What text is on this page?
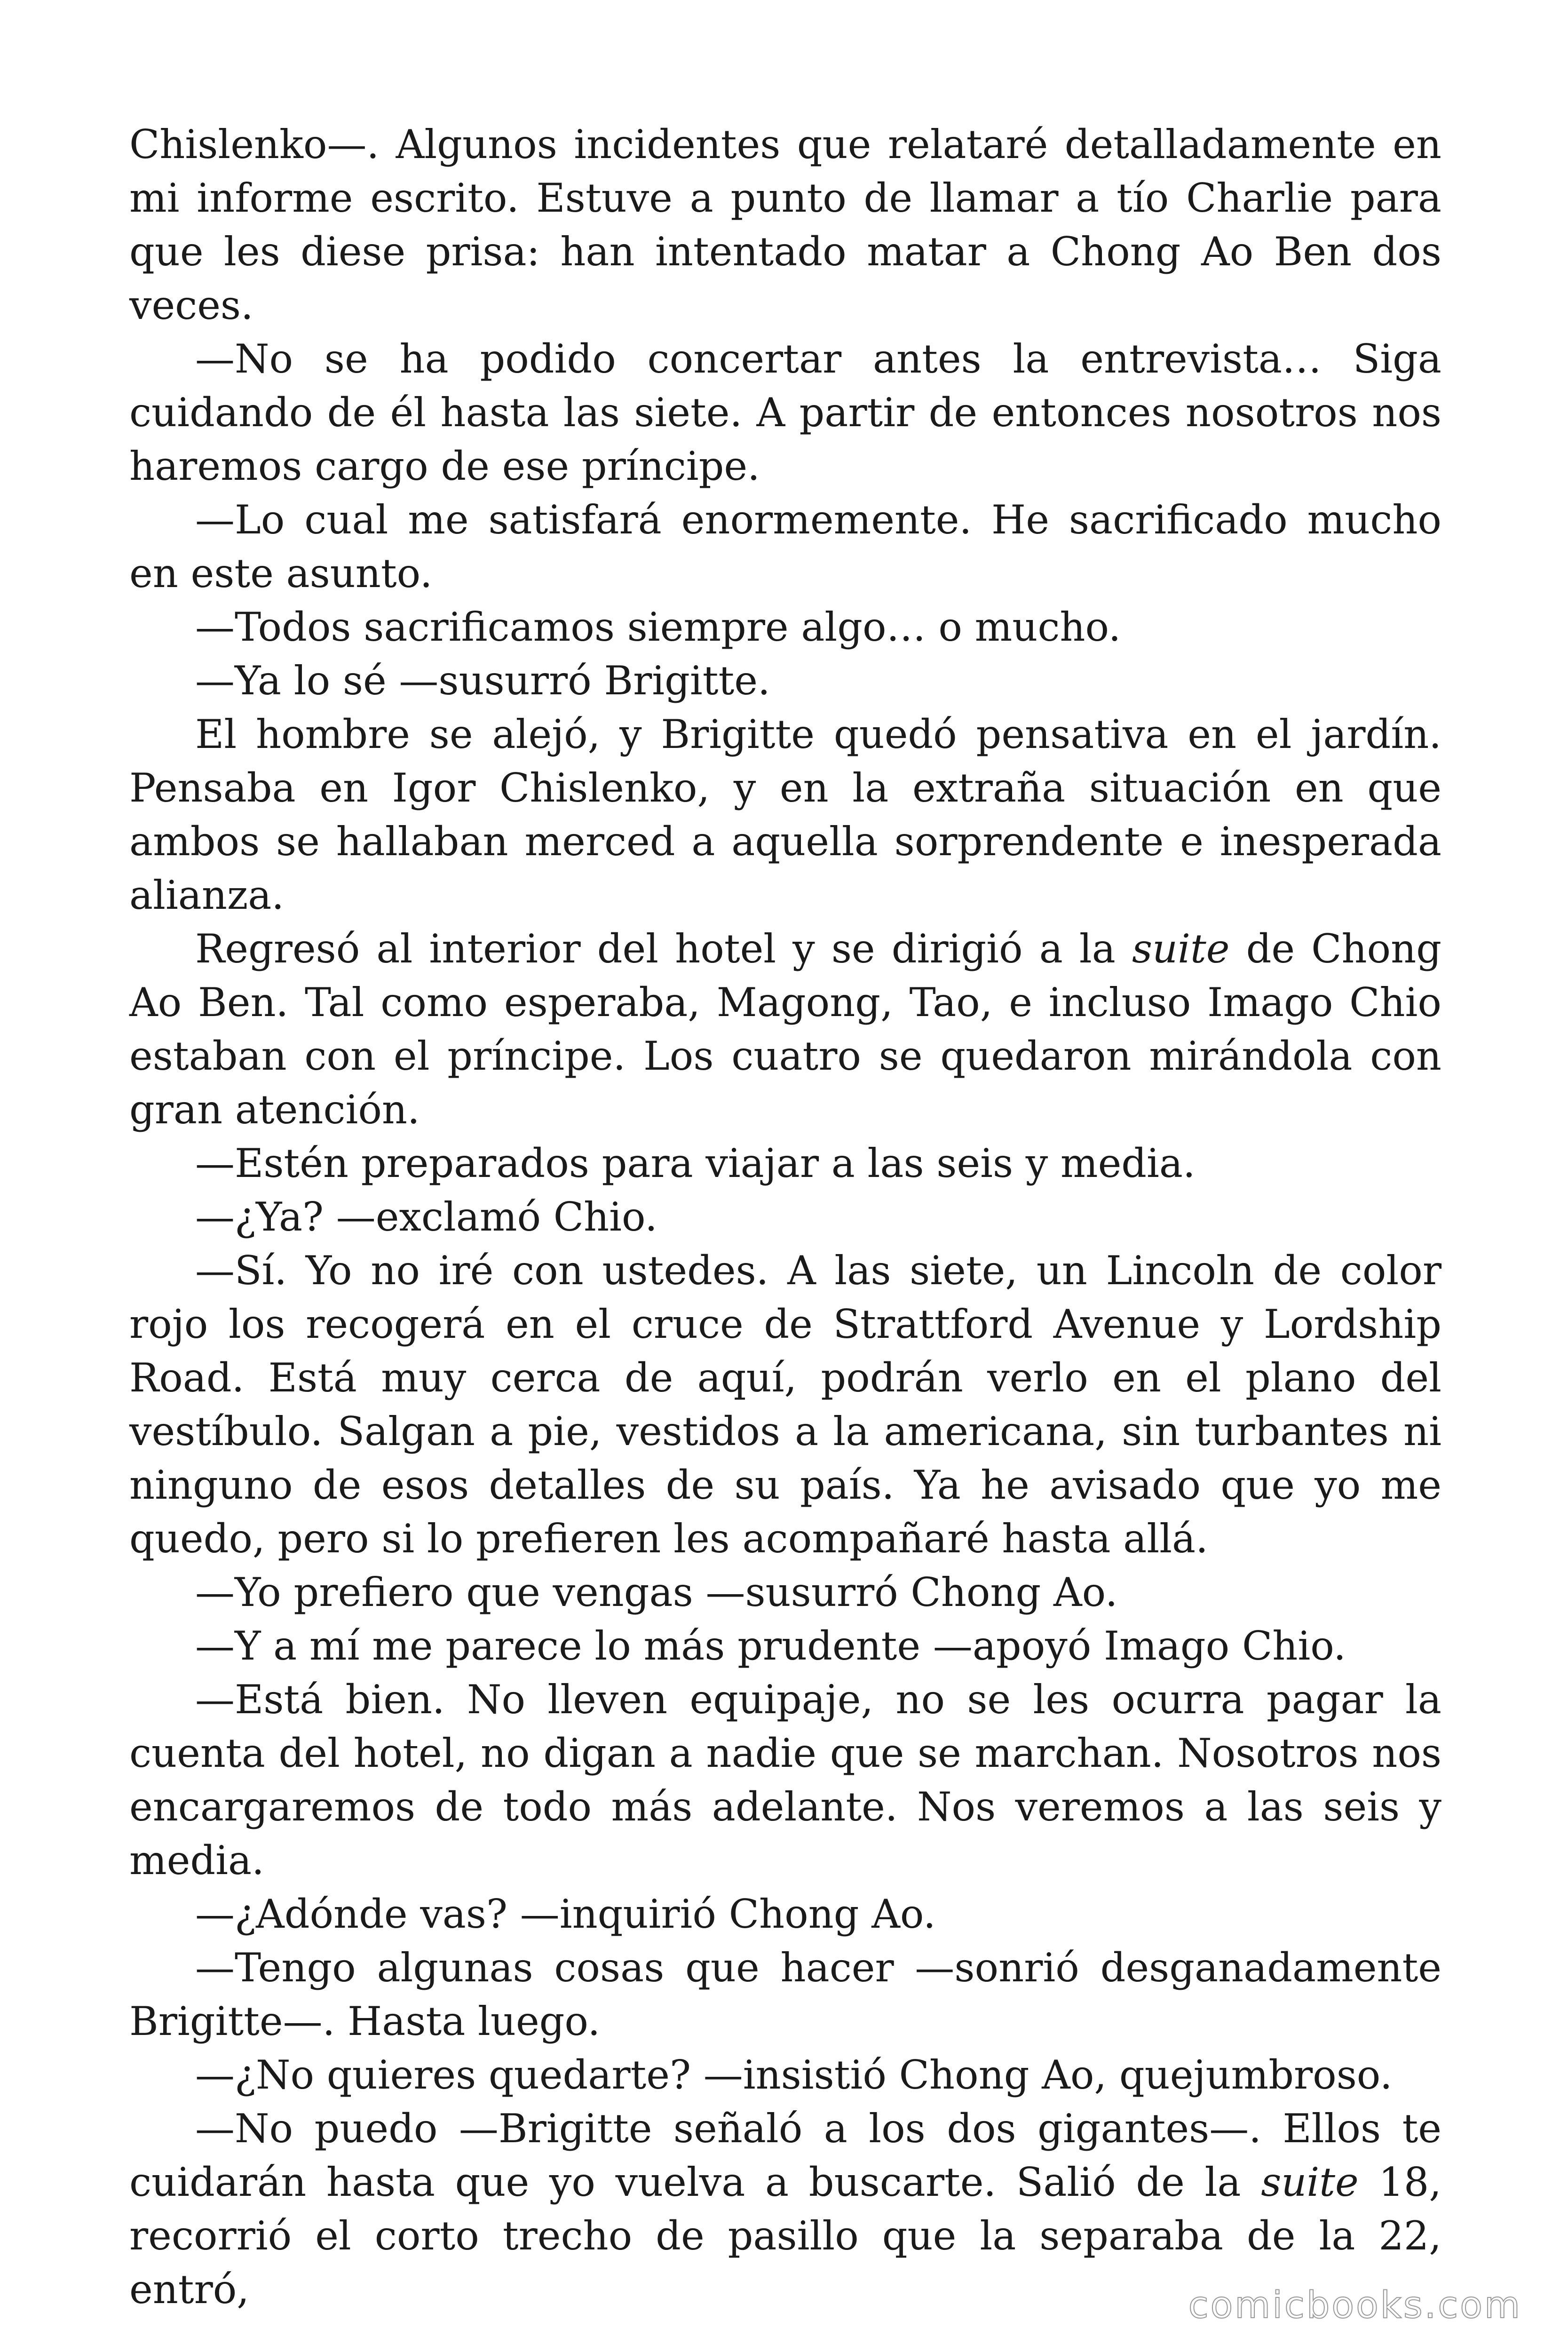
Chislenko—. Algunos incidentes que relataré detalladamente en mi informe escrito. Estuve a punto de llamar a tío Charlie para que les diese prisa: han intentado matar a Chong Ao Ben dos veces.

—No se ha podido concertar antes la entrevista… Siga cuidando de él hasta las siete. A partir de entonces nosotros nos haremos cargo de ese príncipe.

—Lo cual me satisfará enormemente. He sacrificado mucho en este asunto.

—Todos sacrificamos siempre algo… o mucho.

—Ya lo sé —susurró Brigitte.

El hombre se alejó, y Brigitte quedó pensativa en el jardín. Pensaba en Igor Chislenko, y en la extraña situación en que ambos se hallaban merced a aquella sorprendente e inesperada alianza.

Regresó al interior del hotel y se dirigió a la suite de Chong Ao Ben. Tal como esperaba, Magong, Tao, e incluso Imago Chio estaban con el príncipe. Los cuatro se quedaron mirándola con gran atención.

—Estén preparados para viajar a las seis y media.

—¿Ya? —exclamó Chio.

—Sí. Yo no iré con ustedes. A las siete, un Lincoln de color rojo los recogerá en el cruce de Strattford Avenue y Lordship Road. Está muy cerca de aquí, podrán verlo en el plano del vestíbulo. Salgan a pie, vestidos a la americana, sin turbantes ni ninguno de esos detalles de su país. Ya he avisado que yo me quedo, pero si lo prefieren les acompañaré hasta allá.

—Yo prefiero que vengas —susurró Chong Ao.

—Y a mí me parece lo más prudente —apoyó Imago Chio.

—Está bien. No lleven equipaje, no se les ocurra pagar la cuenta del hotel, no digan a nadie que se marchan. Nosotros nos encargaremos de todo más adelante. Nos veremos a las seis y media.

—¿Adónde vas? —inquirió Chong Ao.

—Tengo algunas cosas que hacer —sonrió desganadamente Brigitte—. Hasta luego.

—¿No quieres quedarte? —insistió Chong Ao, quejumbroso.

—No puedo —Brigitte señaló a los dos gigantes—. Ellos te cuidarán hasta que yo vuelva a buscarte. Salió de la suite 18, recorrió el corto trecho de pasillo que la separaba de la 22, entró,	comicbooks.com
